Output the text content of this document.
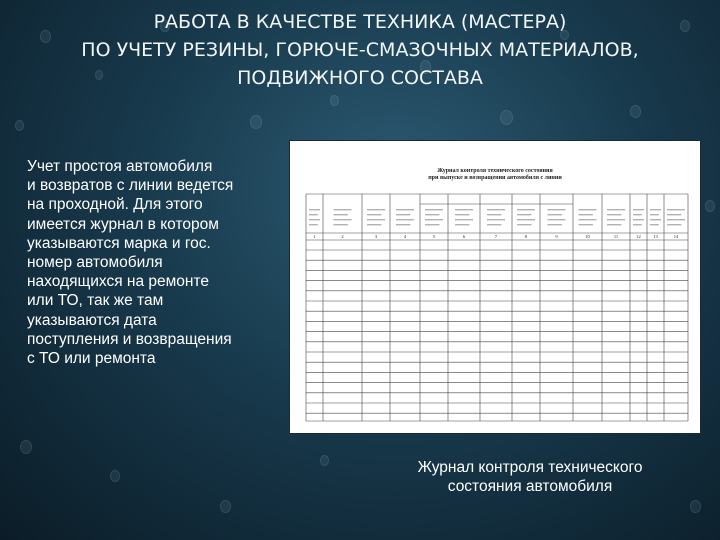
РАБОТА В КАЧЕСТВЕ ТЕХНИКА (МАСТЕРА)
ПО УЧЕТУ РЕЗИНЫ, ГОРЮЧЕ-СМАЗОЧНЫХ МАТЕРИАЛОВ,
ПОДВИЖНОГО СОСТАВА
Учет простоя автомобиля
и возвратов с линии ведется
на проходной. Для этого
имеется журнал в котором
указываются марка и гос.
номер автомобиля
находящихся на ремонте
или ТО, так же там
указываются дата
поступления и возвращения
с ТО или ремонта
Журнал контроля технического состояния
при выпуске и возвращении автомобиля с линии
1	2	3	4	5	6	7	8	9	10	11	12	13	14
Журнал контроля технического
состояния автомобиля
